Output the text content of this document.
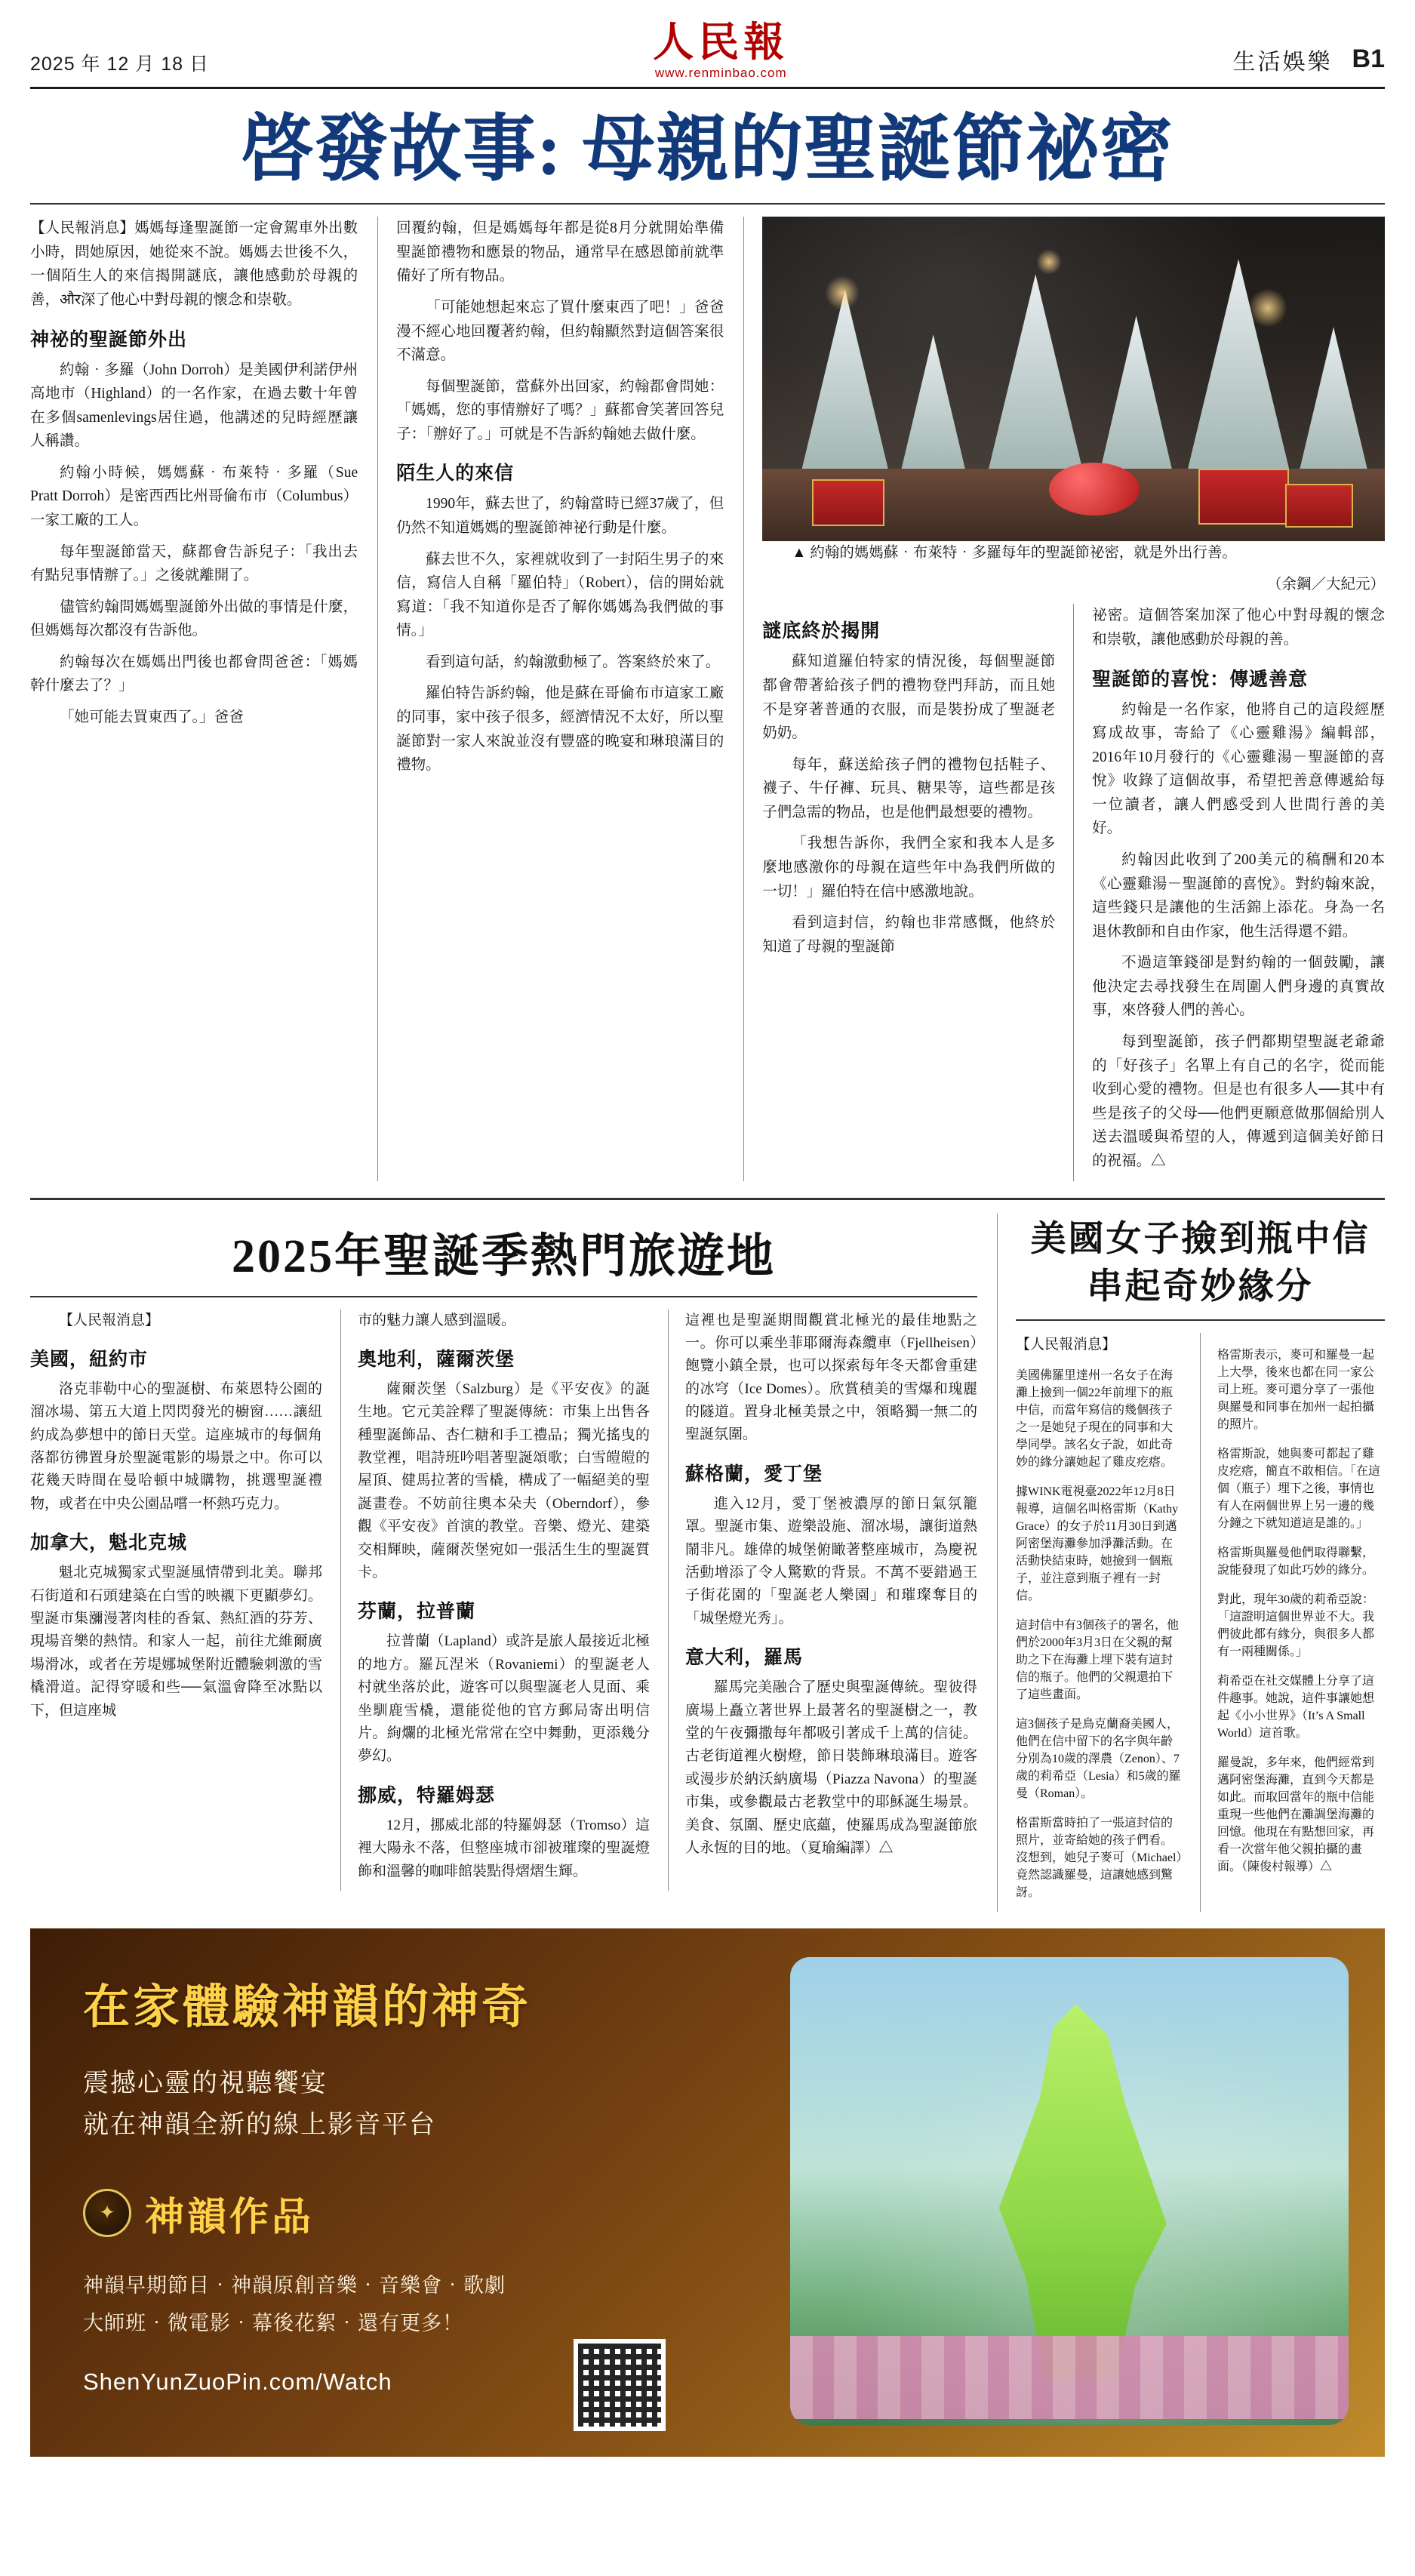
2025 年 12 月 18 日	人民報
www.renminbao.com	生活娛樂 B1
啓發故事: 母親的聖誕節祕密

【人民報消息】媽媽每逢聖誕節一定會駕車外出數小時，問她原因，她從來不說。媽媽去世後不久，一個陌生人的來信揭開謎底，讓他感動於母親的善，और深了他心中對母親的懷念和崇敬。

神祕的聖誕節外出

約翰‧多羅（John Dorroh）是美國伊利諾伊州高地市（Highland）的一名作家，在過去數十年曾在多個samenlevings居住過，他講述的兒時經歷讓人稱讚。

約翰小時候，媽媽蘇‧布萊特‧多羅（Sue Pratt Dorroh）是密西西比州哥倫布市（Columbus）一家工廠的工人。

每年聖誕節當天，蘇都會告訴兒子：「我出去有點兒事情辦了。」之後就離開了。

儘管約翰問媽媽聖誕節外出做的事情是什麼，但媽媽每次都沒有告訴他。

約翰每次在媽媽出門後也都會問爸爸：「媽媽幹什麼去了？」

「她可能去買東西了。」爸爸

回覆約翰，但是媽媽每年都是從8月分就開始準備聖誕節禮物和應景的物品，通常早在感恩節前就準備好了所有物品。

「可能她想起來忘了買什麼東西了吧！」爸爸漫不經心地回覆著約翰，但約翰顯然對這個答案很不滿意。

每個聖誕節，當蘇外出回家，約翰都會問她：「媽媽，您的事情辦好了嗎？」蘇都會笑著回答兒子：「辦好了。」可就是不告訴約翰她去做什麼。

陌生人的來信

1990年，蘇去世了，約翰當時已經37歲了，但仍然不知道媽媽的聖誕節神祕行動是什麼。

蘇去世不久，家裡就收到了一封陌生男子的來信，寫信人自稱「羅伯特」（Robert），信的開始就寫道：「我不知道你是否了解你媽媽為我們做的事情。」

看到這句話，約翰激動極了。答案終於來了。

羅伯特告訴約翰，他是蘇在哥倫布市這家工廠的同事，家中孩子很多，經濟情況不太好，所以聖誕節對一家人來說並沒有豐盛的晚宴和琳琅滿目的禮物。

▲ 約翰的媽媽蘇‧布萊特‧多羅每年的聖誕節祕密，就是外出行善。

（余鋼／大紀元）

謎底終於揭開

蘇知道羅伯特家的情況後，每個聖誕節都會帶著給孩子們的禮物登門拜訪，而且她不是穿著普通的衣服，而是裝扮成了聖誕老奶奶。

每年，蘇送給孩子們的禮物包括鞋子、襪子、牛仔褲、玩具、糖果等，這些都是孩子們急需的物品，也是他們最想要的禮物。

「我想告訴你，我們全家和我本人是多麼地感激你的母親在這些年中為我們所做的一切！」羅伯特在信中感激地說。

看到這封信，約翰也非常感慨，他終於知道了母親的聖誕節

祕密。這個答案加深了他心中對母親的懷念和崇敬，讓他感動於母親的善。

聖誕節的喜悅：傳遞善意

約翰是一名作家，他將自己的這段經歷寫成故事，寄給了《心靈雞湯》編輯部，2016年10月發行的《心靈雞湯－聖誕節的喜悅》收錄了這個故事，希望把善意傳遞給每一位讀者，讓人們感受到人世間行善的美好。

約翰因此收到了200美元的稿酬和20本《心靈雞湯－聖誕節的喜悅》。對約翰來說，這些錢只是讓他的生活錦上添花。身為一名退休教師和自由作家，他生活得還不錯。

不過這筆錢卻是對約翰的一個鼓勵，讓他決定去尋找發生在周圍人們身邊的真實故事，來啓發人們的善心。

每到聖誕節，孩子們都期望聖誕老爺爺的「好孩子」名單上有自己的名字，從而能收到心愛的禮物。但是也有很多人──其中有些是孩子的父母──他們更願意做那個給別人送去溫暖與希望的人，傳遞到這個美好節日的祝福。△

2025年聖誕季熱門旅遊地

【人民報消息】

美國，紐約市

洛克菲勒中心的聖誕樹、布萊恩特公園的溜冰場、第五大道上閃閃發光的櫥窗……讓紐約成為夢想中的節日天堂。這座城市的每個角落都彷彿置身於聖誕電影的場景之中。你可以花幾天時間在曼哈頓中城購物，挑選聖誕禮物，或者在中央公園品嚐一杯熱巧克力。

加拿大，魁北克城

魁北克城獨家式聖誕風情帶到北美。聯邦石街道和石頭建築在白雪的映襯下更顯夢幻。聖誕市集瀰漫著肉桂的香氣、熱紅酒的芬芳、現場音樂的熱情。和家人一起，前往尤維爾廣場滑冰，或者在芳堤娜城堡附近體驗刺激的雪橇滑道。記得穿暖和些──氣溫會降至冰點以下，但這座城

市的魅力讓人感到溫暖。

奧地利，薩爾茨堡

薩爾茨堡（Salzburg）是《平安夜》的誕生地。它元美詮釋了聖誕傳統：市集上出售各種聖誕飾品、杏仁糖和手工禮品；獨光搖曳的教堂裡，唱詩班吟唱著聖誕頌歌；白雪皚皚的屋頂、健馬拉著的雪橇，構成了一幅絕美的聖誕畫卷。不妨前往奧本朵夫（Oberndorf），參觀《平安夜》首演的教堂。音樂、燈光、建築交相輝映，薩爾茨堡宛如一張活生生的聖誕質卡。

芬蘭，拉普蘭

拉普蘭（Lapland）或許是旅人最接近北極的地方。羅瓦涅米（Rovaniemi）的聖誕老人村就坐落於此，遊客可以與聖誕老人見面、乘坐馴鹿雪橇，還能從他的官方郵局寄出明信片。絢爛的北極光常常在空中舞動，更添幾分夢幻。

挪威，特羅姆瑟

12月，挪威北部的特羅姆瑟（Tromso）這裡大陽永不落，但整座城市卻被璀璨的聖誕燈飾和溫馨的咖啡館裝點得熠熠生輝。

這裡也是聖誕期間觀賞北極光的最佳地點之一。你可以乘坐菲耶爾海森纜車（Fjellheisen）飽覽小鎮全景，也可以探索每年冬天都會重建的冰穹（Ice Domes）。欣賞積美的雪爆和瑰麗的隧道。置身北極美景之中，領略獨一無二的聖誕氛圍。

蘇格蘭，愛丁堡

進入12月，愛丁堡被濃厚的節日氣氛籠罩。聖誕市集、遊樂設施、溜冰場，讓街道熱鬧非凡。雄偉的城堡俯瞰著整座城市，為慶祝活動增添了令人驚歎的背景。不萬不要錯過王子街花園的「聖誕老人樂園」和璀璨奪目的「城堡燈光秀」。

意大利，羅馬

羅馬完美融合了歷史與聖誕傳統。聖彼得廣場上矗立著世界上最著名的聖誕樹之一，教堂的午夜彌撒每年都吸引著成千上萬的信徒。古老街道裡火樹燈，節日裝飾琳琅滿目。遊客或漫步於納沃納廣場（Piazza Navona）的聖誕市集，或參觀最古老教堂中的耶穌誕生場景。美食、氛圍、歷史底蘊，使羅馬成為聖誕節旅人永恆的目的地。（夏瑜編譯）△

美國女子撿到瓶中信
串起奇妙緣分

【人民報消息】

美國佛羅里達州一名女子在海灘上撿到一個22年前埋下的瓶中信，而當年寫信的幾個孩子之一是她兒子現在的同事和大學同學。該名女子說，如此奇妙的緣分讓她起了雞皮疙瘩。

據WINK電視臺2022年12月8日報導，這個名叫格雷斯（Kathy Grace）的女子於11月30日到邁阿密堡海灘參加淨灘活動。在活動快結束時，她撿到一個瓶子，並注意到瓶子裡有一封信。

這封信中有3個孩子的署名，他們於2000年3月3日在父親的幫助之下在海灘上埋下裝有這封信的瓶子。他們的父親還拍下了這些畫面。

這3個孩子是鳥克蘭裔美國人，他們在信中留下的名字與年齡分別為10歲的澤農（Zenon）、7歲的莉希亞（Lesia）和5歲的羅曼（Roman）。

格雷斯當時拍了一張這封信的照片，並寄給她的孩子們看。沒想到，她兒子麥可（Michael）竟然認識羅曼，這讓她感到驚訝。

格雷斯表示，麥可和羅曼一起上大學，後來也都在同一家公司上班。麥可還分享了一張他與羅曼和同事在加州一起拍攝的照片。

格雷斯說，她與麥可都起了雞皮疙瘩，簡直不敢相信。「在這個（瓶子）埋下之後，事情也有人在兩個世界上另一邊的幾分鐘之下就知道這是誰的。」

格雷斯與羅曼他們取得聯繫，說能發現了如此巧妙的緣分。

對此，現年30歲的莉希亞說：「這證明這個世界並不大。我們彼此都有緣分，與很多人都有一兩種關係。」

莉希亞在社交媒體上分享了這件趣事。她說，這件事讓她想起《小小世界》（It’s A Small World）這首歌。

羅曼說，多年來，他們經常到邁阿密堡海灘，直到今天都是如此。而取回當年的瓶中信能重現一些他們在灘調堡海灘的回憶。他現在有點想回家，再看一次當年他父親拍攝的畫面。（陳俊村報導）△

在家體驗神韻的神奇
震撼心靈的視聽饗宴
就在神韻全新的線上影音平台
✦ 神韻作品
神韻早期節目‧神韻原創音樂‧音樂會‧歌劇
大師班‧微電影‧幕後花絮‧還有更多！
ShenYunZuoPin.com/Watch
